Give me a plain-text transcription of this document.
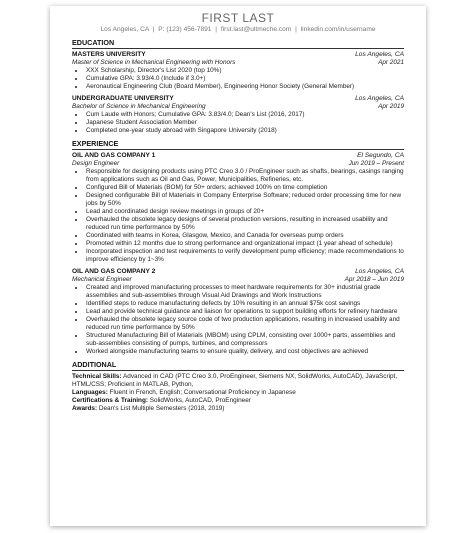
FIRST LAST
Los Angeles, CA | P: (123) 456-7891 | first.last@ultmeche.com | linkedin.com/in/username
EDUCATION
MASTERS UNIVERSITY	Los Angeles, CA
Master of Science in Mechanical Engineering with Honors	Apr 2021
• XXX Scholarship, Director's List 2020 (top 10%)
• Cumulative GPA: 3.93/4.0 (Include if 3.0+)
• Aeronautical Engineering Club (Board Member), Engineering Honor Society (General Member)
UNDERGRADUATE UNIVERSITY	Los Angeles, CA
Bachelor of Science in Mechanical Engineering	Apr 2019
• Cum Laude with Honors; Cumulative GPA: 3.83/4.0; Dean's List (2016, 2017)
• Japanese Student Association Member
• Completed one-year study abroad with Singapore University (2018)
EXPERIENCE
OIL AND GAS COMPANY 1	El Segundo, CA
Design Engineer	Jun 2019 – Present
• Responsible for designing products using PTC Creo 3.0 / ProEngineer such as shafts, bearings, casings ranging from applications such as Oil and Gas, Power, Municipalities, Refineries, etc.
• Configured Bill of Materials (BOM) for 50+ orders; achieved 100% on time completion
• Designed configurable Bill of Materials in Company Enterprise Software; reduced order processing time for new jobs by 50%
• Lead and coordinated design review meetings in groups of 20+
• Overhauled the obsolete legacy designs of several production versions, resulting in increased usability and reduced run time performance by 50%
• Coordinated with teams in Korea, Glasgow, Mexico, and Canada for overseas pump orders
• Promoted within 12 months due to strong performance and organizational impact (1 year ahead of schedule)
• Incorporated inspection and test requirements to verify development pump efficiency; made recommendations to improve efficiency by 1~3%
OIL AND GAS COMPANY 2	Los Angeles, CA
Mechanical Engineer	Apr 2018 – Jun 2019
• Created and improved manufacturing processes to meet hardware requirements for 30+ industrial grade assemblies and sub-assemblies through Visual Aid Drawings and Work Instructions
• Identified steps to reduce manufacturing defects by 10% resulting in an annual $75k cost savings
• Lead and provide technical guidance and liaison for operations to support building efforts for refinery hardware
• Overhauled the obsolete legacy source code of two production applications, resulting in increased usability and reduced run time performance by 50%
• Structured Manufacturing Bill of Materials (MBOM) using CPLM, consisting over 1000+ parts, assemblies and sub-assemblies consisting of pumps, turbines, and compressors
• Worked alongside manufacturing teams to ensure quality, delivery, and cost objectives are achieved
ADDITIONAL
Technical Skills: Advanced in CAD (PTC Creo 3.0, ProEngineer, Siemens NX, SolidWorks, AutoCAD), JavaScript, HTML/CSS; Proficient in MATLAB, Python,
Languages: Fluent in French, English; Conversational Proficiency in Japanese
Certifications & Training: SolidWorks, AutoCAD, ProEngineer
Awards: Dean's List Multiple Semesters (2018, 2019)
